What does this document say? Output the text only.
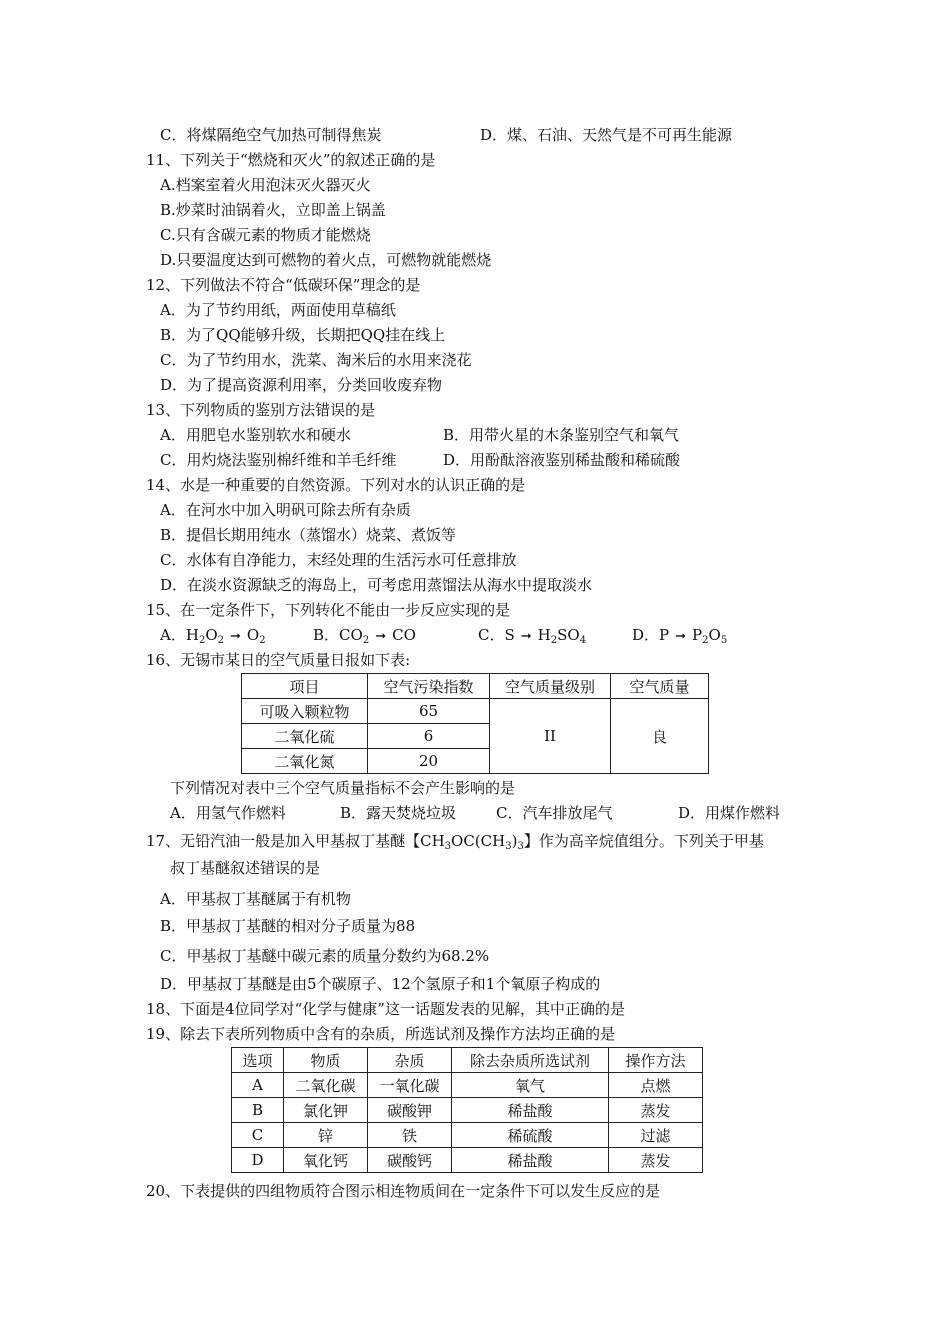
C．将煤隔绝空气加热可制得焦炭	D．煤、石油、天然气是不可再生能源
11、下列关于“燃烧和灭火”的叙述正确的是
A.档案室着火用泡沫灭火器灭火
B.炒菜时油锅着火，立即盖上锅盖
C.只有含碳元素的物质才能燃烧
D.只要温度达到可燃物的着火点，可燃物就能燃烧
12、下列做法不符合“低碳环保”理念的是
A．为了节约用纸，两面使用草稿纸
B．为了QQ能够升级，长期把QQ挂在线上
C．为了节约用水，洗菜、淘米后的水用来浇花
D．为了提高资源利用率，分类回收废弃物
13、下列物质的鉴别方法错误的是
A．用肥皂水鉴别软水和硬水	B．用带火星的木条鉴别空气和氧气
C．用灼烧法鉴别棉纤维和羊毛纤维	D．用酚酞溶液鉴别稀盐酸和稀硫酸
14、水是一种重要的自然资源。下列对水的认识正确的是
A．在河水中加入明矾可除去所有杂质
B．提倡长期用纯水（蒸馏水）烧菜、煮饭等
C．水体有自净能力，末经处理的生活污水可任意排放
D．在淡水资源缺乏的海岛上，可考虑用蒸馏法从海水中提取淡水
15、在一定条件下，下列转化不能由一步反应实现的是
A．$H_2O_2$ ➞ $O_2$	B．$CO_2$ ➞ CO	C．S ➞ $H_2SO_4$	D．P ➞ $P_2O_5$
16、无锡市某日的空气质量日报如下表:
项目	空气污染指数	空气质量级别	空气质量
可吸入颗粒物	65	II	良
二氧化硫	6		
二氧化氮	20		
下列情况对表中三个空气质量指标不会产生影响的是
A．用氢气作燃料	B．露天焚烧垃圾	C．汽车排放尾气	D．用煤作燃料
17、无铅汽油一般是加入甲基叔丁基醚【$CH_3OC(CH_3)_3$】作为高辛烷值组分。下列关于甲基
叔丁基醚叙述错误的是
A．甲基叔丁基醚属于有机物
B．甲基叔丁基醚的相对分子质量为88
C．甲基叔丁基醚中碳元素的质量分数约为68.2%
D．甲基叔丁基醚是由5个碳原子、12个氢原子和1个氧原子构成的
18、下面是4位同学对“化学与健康”这一话题发表的见解，其中正确的是
19、除去下表所列物质中含有的杂质，所选试剂及操作方法均正确的是
选项	物质	杂质	除去杂质所选试剂	操作方法
A	二氧化碳	一氧化碳	氧气	点燃
B	氯化钾	碳酸钾	稀盐酸	蒸发
C	锌	铁	稀硫酸	过滤
D	氧化钙	碳酸钙	稀盐酸	蒸发
20、下表提供的四组物质符合图示相连物质间在一定条件下可以发生反应的是
